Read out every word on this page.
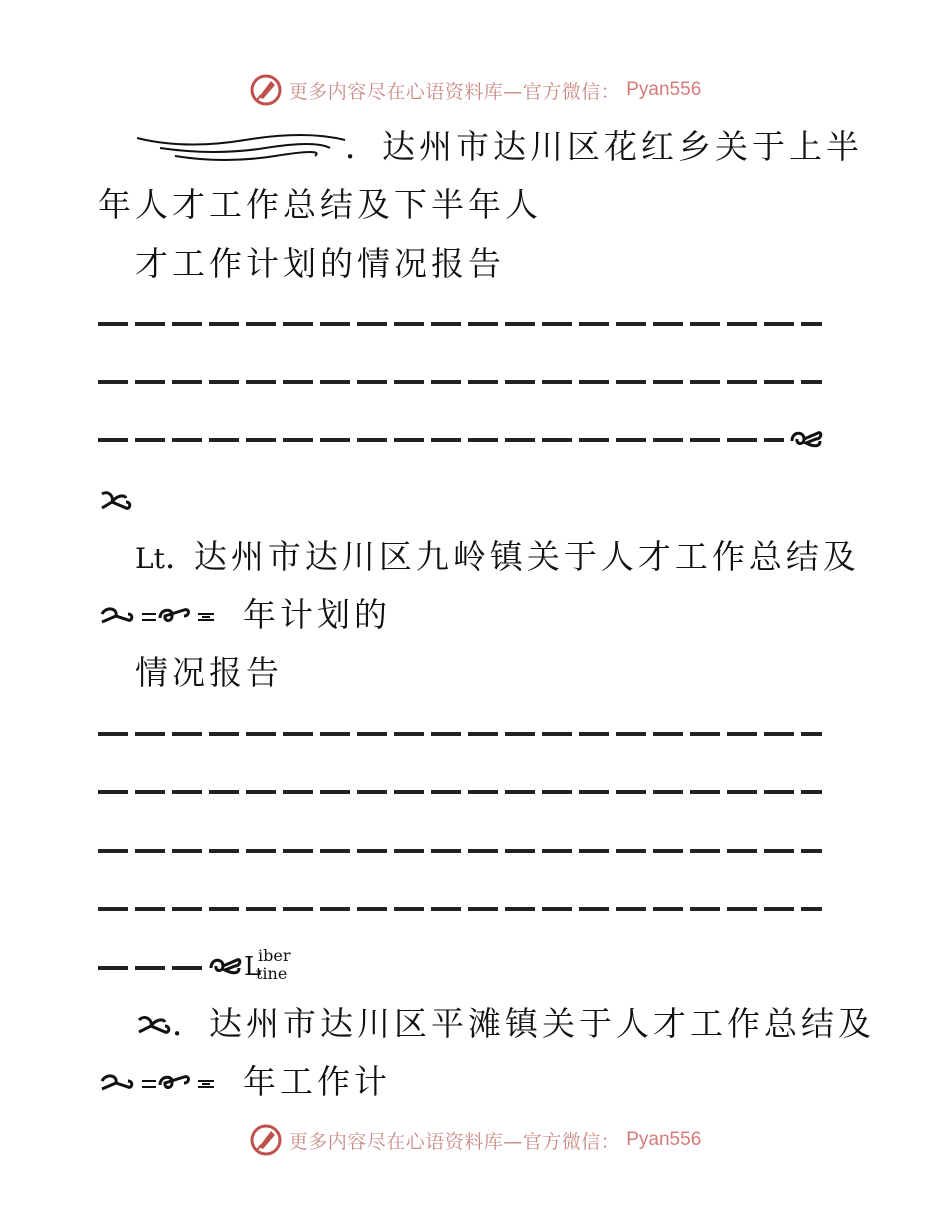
更多内容尽在心语资料库—官方微信： Pyan556
．达州市达川区花红乡关于上半
年人才工作总结及下半年人
才工作计划的情况报告
Lt. 达州市达川区九岭镇关于人才工作总结及
年计划的
情况报告
L
iber
tine
．达州市达川区平滩镇关于人才工作总结及
年工作计
更多内容尽在心语资料库—官方微信： Pyan556
